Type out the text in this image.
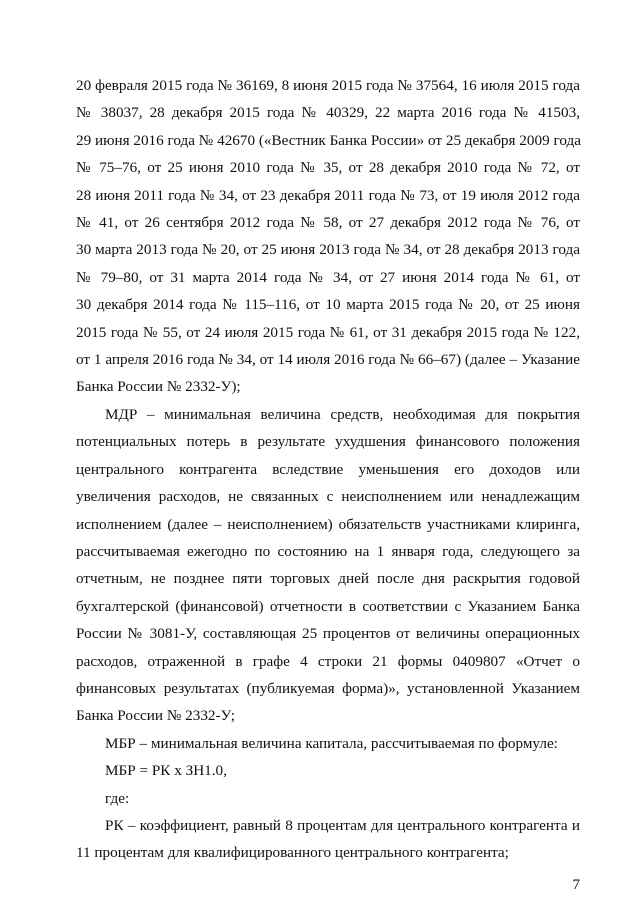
20 февраля 2015 года № 36169, 8 июня 2015 года № 37564, 16 июля 2015 года
№ 38037, 28 декабря 2015 года № 40329, 22 марта 2016 года № 41503,
29 июня 2016 года № 42670 («Вестник Банка России» от 25 декабря 2009 года
№ 75–76, от 25 июня 2010 года № 35, от 28 декабря 2010 года № 72, от
28 июня 2011 года № 34, от 23 декабря 2011 года № 73, от 19 июля 2012 года
№ 41, от 26 сентября 2012 года № 58, от 27 декабря 2012 года № 76, от
30 марта 2013 года № 20, от 25 июня 2013 года № 34, от 28 декабря 2013 года
№ 79–80, от 31 марта 2014 года № 34, от 27 июня 2014 года № 61, от
30 декабря 2014 года № 115–116, от 10 марта 2015 года № 20, от 25 июня
2015 года № 55, от 24 июля 2015 года № 61, от 31 декабря 2015 года № 122,
от 1 апреля 2016 года № 34, от 14 июля 2016 года № 66–67) (далее – Указание
Банка России № 2332-У);

МДР – минимальная величина средств, необходимая для покрытия
потенциальных потерь в результате ухудшения финансового положения
центрального контрагента вследствие уменьшения его доходов или
увеличения расходов, не связанных с неисполнением или ненадлежащим
исполнением (далее – неисполнением) обязательств участниками клиринга,
рассчитываемая ежегодно по состоянию на 1 января года, следующего за
отчетным, не позднее пяти торговых дней после дня раскрытия годовой
бухгалтерской (финансовой) отчетности в соответствии с Указанием Банка
России № 3081-У, составляющая 25 процентов от величины операционных
расходов, отраженной в графе 4 строки 21 формы 0409807 «Отчет о
финансовых результатах (публикуемая форма)», установленной Указанием
Банка России № 2332-У;

МБР – минимальная величина капитала, рассчитываемая по формуле:

МБР = РК x ЗН1.0,

где:

РК – коэффициент, равный 8 процентам для центрального контрагента и
11 процентам для квалифицированного центрального контрагента;

7
